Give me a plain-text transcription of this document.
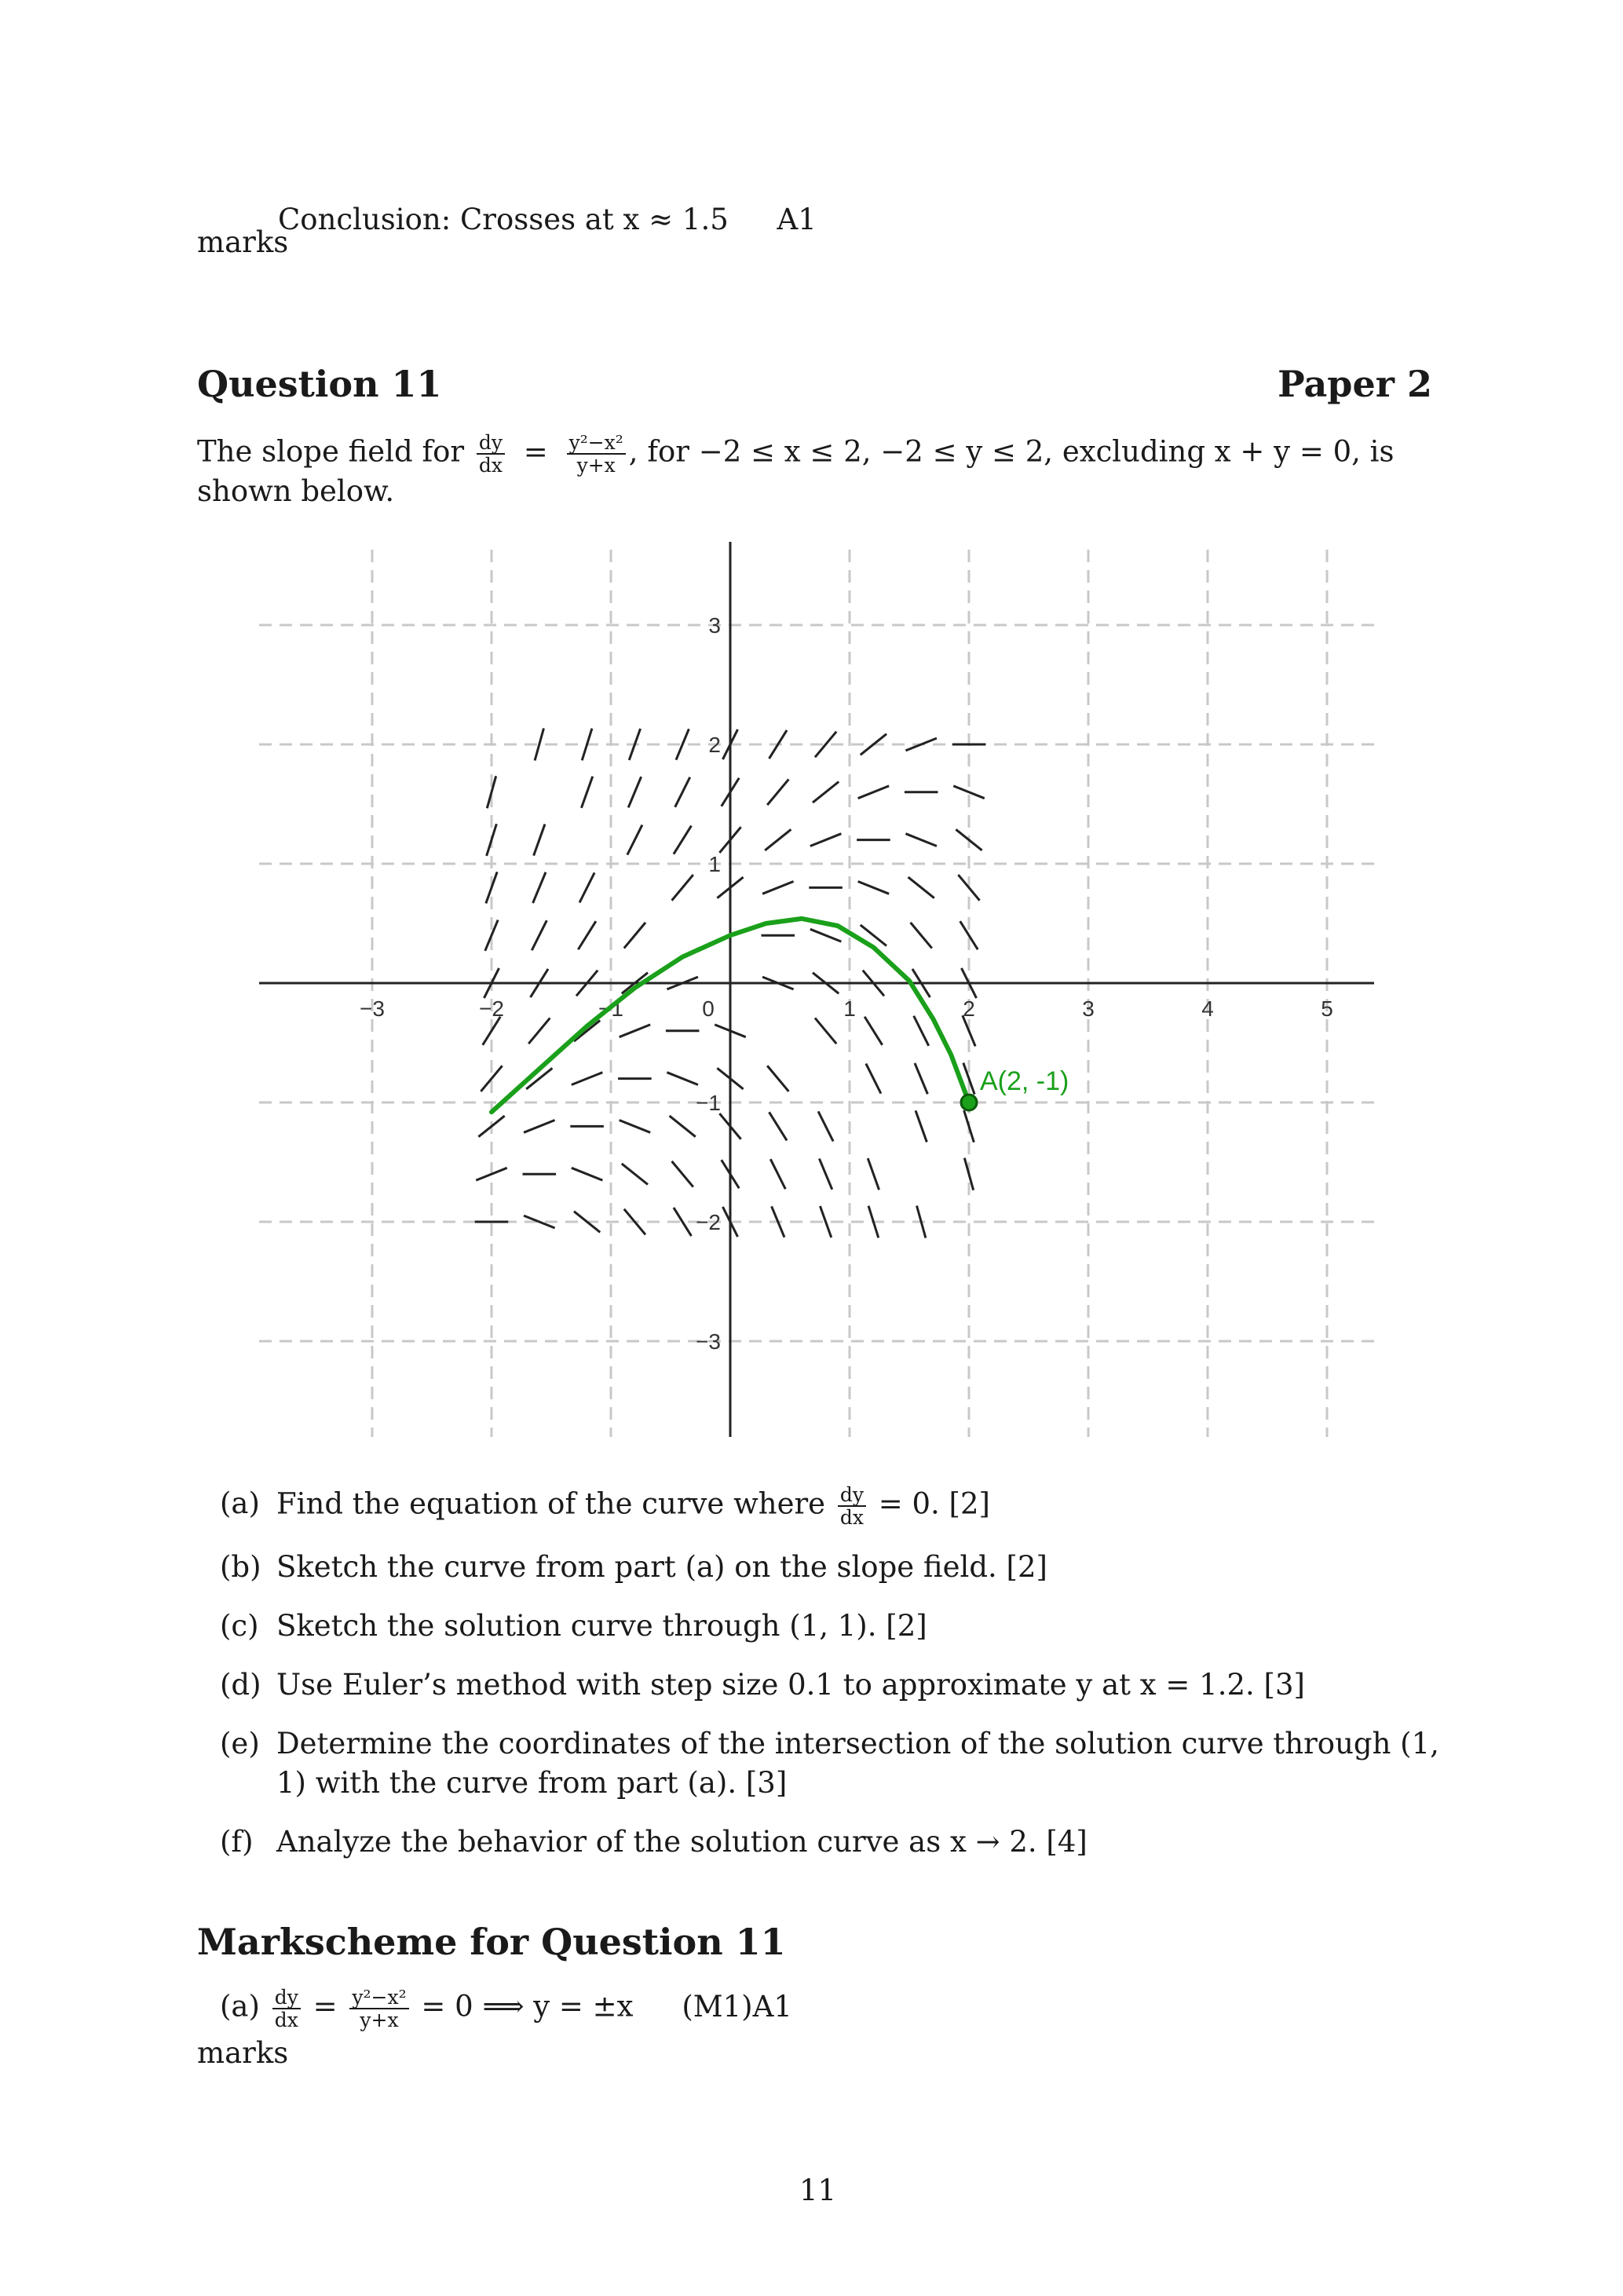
Conclusion: Crosses at x ≈ 1.5 A1
marks
Question 11	Paper 2
The slope field for $\frac{dy}{dx} = \frac{\text{y²−x²}}{y+x}$ , for −2 ≤ x ≤ 2, −2 ≤ y ≤ 2, excluding x + y = 0, is
shown below.
−3	−2	−1	0	1	2	3	4	5
3
2
1
−1
−2
−3
A(2, -1)
(a) Find the equation of the curve where $\frac{dy}{dx} = 0$. [2]
(b) Sketch the curve from part (a) on the slope field. [2]
(c) Sketch the solution curve through (1, 1). [2]
(d) Use Euler’s method with step size 0.1 to approximate y at x = 1.2. [3]
(e) Determine the coordinates of the intersection of the solution curve through (1, 1) with the curve from part (a). [3]
(f) Analyze the behavior of the solution curve as x → 2. [4]
Markscheme for Question 11
$(a) \frac{dy}{dx} = \frac{\text{y²−x²}}{y+x} = 0$ ⟹ y = ±x (M1)A1
marks
11
